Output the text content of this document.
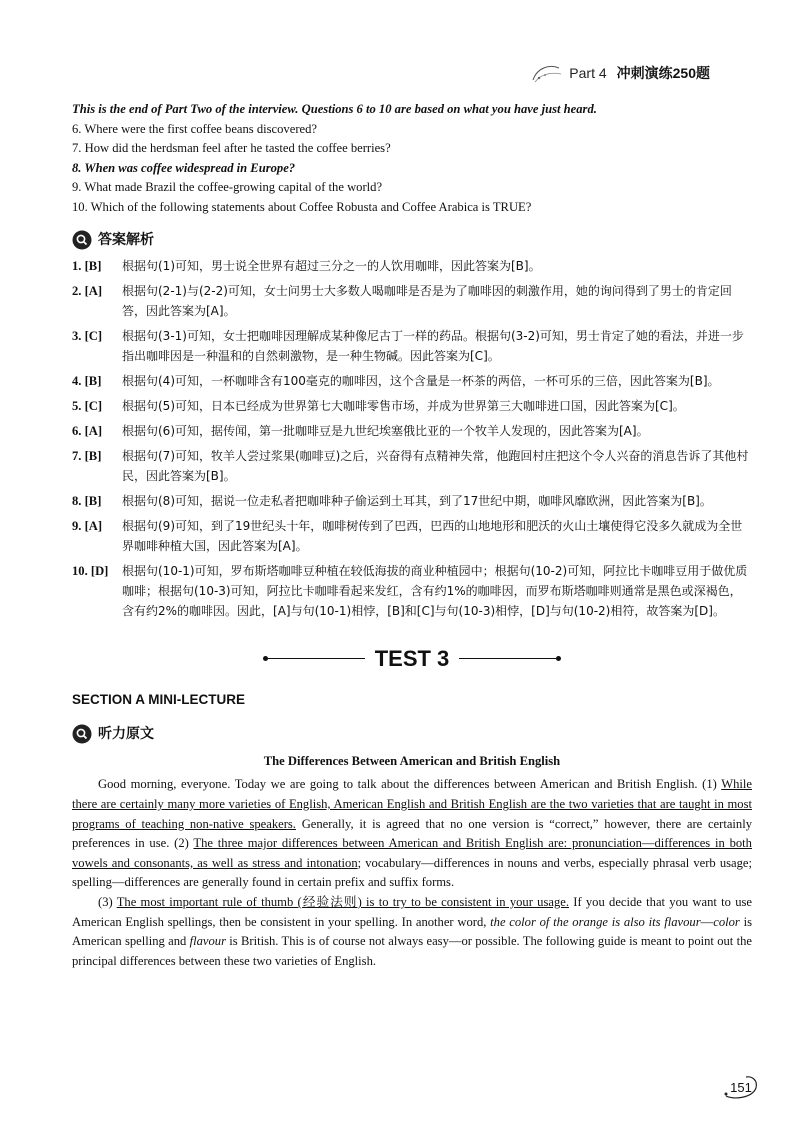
Part 4 冲刺演练250题

This is the end of Part Two of the interview. Questions 6 to 10 are based on what you have just heard.

6. Where were the first coffee beans discovered?

7. How did the herdsman feel after he tasted the coffee berries?

8. When was coffee widespread in Europe?

9. What made Brazil the coffee-growing capital of the world?

10. Which of the following statements about Coffee Robusta and Coffee Arabica is TRUE?

答案解析
1. [B]	根据句(1)可知，男士说全世界有超过三分之一的人饮用咖啡，因此答案为[B]。
2. [A]	根据句(2-1)与(2-2)可知，女士问男士大多数人喝咖啡是否是为了咖啡因的刺激作用，她的询问得到了男士的肯定回答，因此答案为[A]。
3. [C]	根据句(3-1)可知，女士把咖啡因理解成某种像尼古丁一样的药品。根据句(3-2)可知，男士肯定了她的看法，并进一步指出咖啡因是一种温和的自然刺激物，是一种生物碱。因此答案为[C]。
4. [B]	根据句(4)可知，一杯咖啡含有100毫克的咖啡因，这个含量是一杯茶的两倍，一杯可乐的三倍，因此答案为[B]。
5. [C]	根据句(5)可知，日本已经成为世界第七大咖啡零售市场，并成为世界第三大咖啡进口国，因此答案为[C]。
6. [A]	根据句(6)可知，据传闻，第一批咖啡豆是九世纪埃塞俄比亚的一个牧羊人发现的，因此答案为[A]。
7. [B]	根据句(7)可知，牧羊人尝过浆果(咖啡豆)之后，兴奋得有点精神失常，他跑回村庄把这个令人兴奋的消息告诉了其他村民，因此答案为[B]。
8. [B]	根据句(8)可知，据说一位走私者把咖啡种子偷运到土耳其，到了17世纪中期，咖啡风靡欧洲，因此答案为[B]。
9. [A]	根据句(9)可知，到了19世纪头十年，咖啡树传到了巴西，巴西的山地地形和肥沃的火山土壤使得它没多久就成为全世界咖啡种植大国，因此答案为[A]。
10. [D]	根据句(10-1)可知，罗布斯塔咖啡豆种植在较低海拔的商业种植园中；根据句(10-2)可知，阿拉比卡咖啡豆用于做优质咖啡；根据句(10-3)可知，阿拉比卡咖啡看起来发红，含有约1%的咖啡因，而罗布斯塔咖啡则通常是黑色或深褐色，含有约2%的咖啡因。因此，[A]与句(10-1)相悖，[B]和[C]与句(10-3)相悖，[D]与句(10-2)相符，故答案为[D]。
TEST 3
SECTION A MINI-LECTURE
听力原文
The Differences Between American and British English

Good morning, everyone. Today we are going to talk about the differences between American and British English. (1) While there are certainly many more varieties of English, American English and British English are the two varieties that are taught in most programs of teaching non-native speakers. Generally, it is agreed that no one version is “correct,” however, there are certainly preferences in use. (2) The three major differences between American and British English are: pronunciation—differences in both vowels and consonants, as well as stress and intonation; vocabulary—differences in nouns and verbs, especially phrasal verb usage; spelling—differences are generally found in certain prefix and suffix forms.

(3) The most important rule of thumb (经验法则) is to try to be consistent in your usage. If you decide that you want to use American English spellings, then be consistent in your spelling. In another word, the color of the orange is also its flavour—color is American spelling and flavour is British. This is of course not always easy—or possible. The following guide is meant to point out the principal differences between these two varieties of English.

151
